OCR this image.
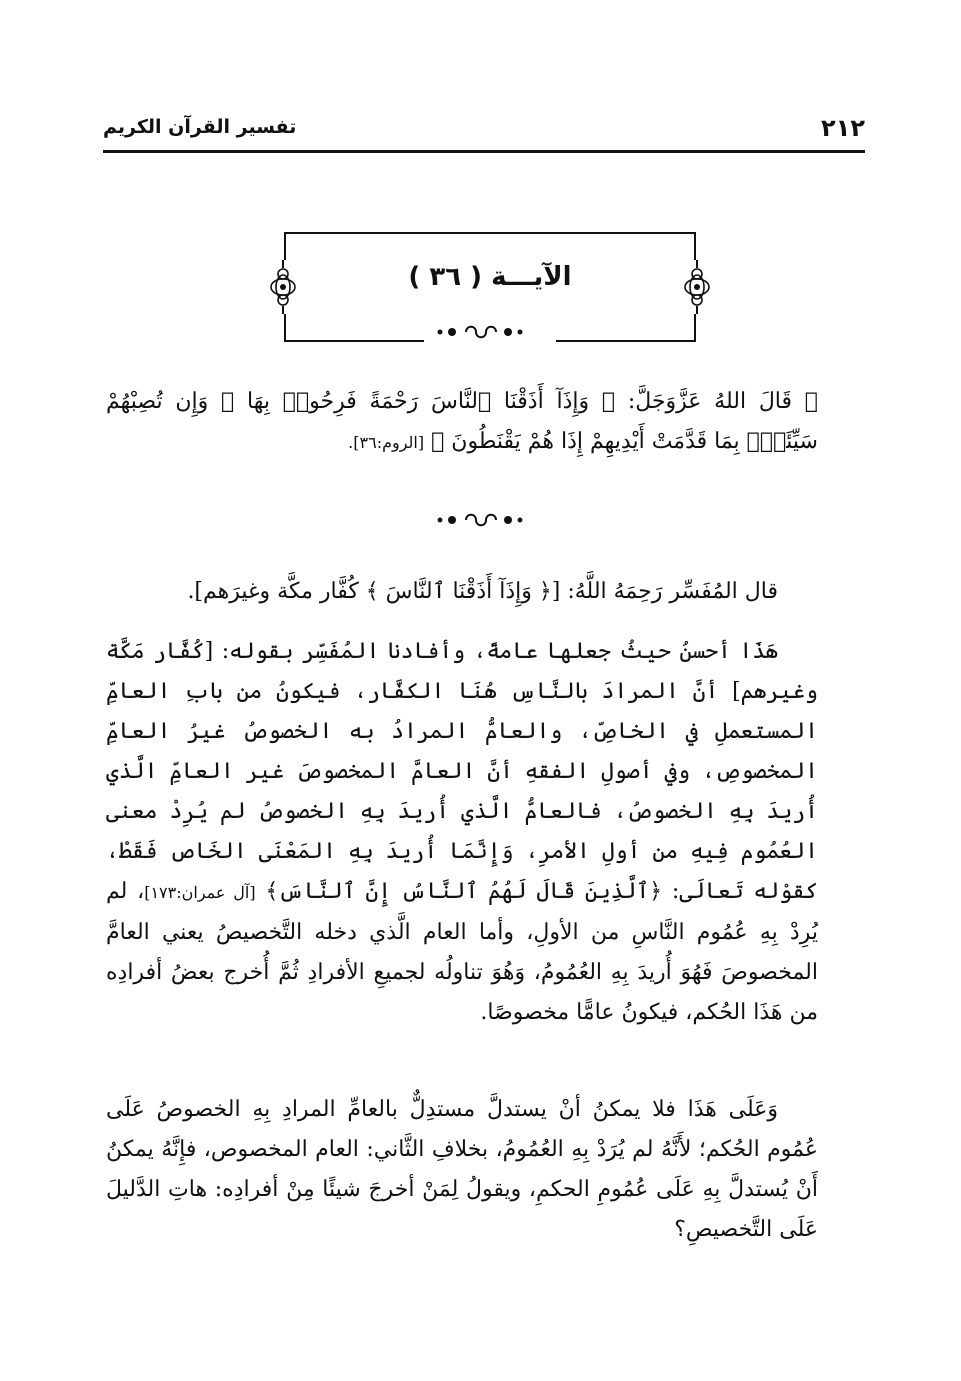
٢١٢
تفسير القرآن الكريم
الآيـــة ( ٣٦ )
۞ قَالَ اللهُ عَزَّوَجَلَّ: ﴿ وَإِذَآ أَذَقْنَا ٱلنَّاسَ رَحْمَةً فَرِحُوا۟ بِهَا ۖ وَإِن تُصِبْهُمْ سَيِّئَةٌۢ بِمَا قَدَّمَتْ أَيْدِيهِمْ إِذَا هُمْ يَقْنَطُونَ ﴾ [الروم:٣٦].
قال المُفَسِّر رَحِمَهُ اللَّهُ: [﴿ وَإِذَآ أَذَقْنَا ٱلنَّاسَ ﴾ كُفَّار مكَّة وغيرَهم].
هَذَا أحسنُ حيثُ جعلها عامةً، وأفادنا المُفَسِّر بقوله: [كُفَّار مَكَّة وغيرهم] أنَّ المرادَ بالنَّاسِ هُنَا الكفَّار، فيكونُ من بابِ العامِّ المستعملِ في الخاصِّ، والعامُّ المرادُ به الخصوصُ غيرُ العامِّ المخصوصِ، وفي أصولِ الفقهِ أنَّ العامَّ المخصوصَ غير العامِّ الَّذي أُريدَ بِهِ الخصوصُ، فالعامُّ الَّذي أُريدَ بِهِ الخصوصُ لم يُرِدْ معنى العُمُوم فِيهِ من أولِ الأمرِ، وَإِنَّمَا أُريدَ بِهِ المَعْنَى الخَاص فَقَطْ، كقوْله تَعالَى: ﴿ٱلَّذِينَ قَالَ لَهُمُ ٱلنَّاسُ إِنَّ ٱلنَّاسَ﴾ [آل عمران:١٧٣]، لم يُرِدْ بِهِ عُمُوم النَّاسِ من الأولِ، وأما العام الَّذي دخله التَّخصيصُ يعني العامَّ المخصوصَ فَهُوَ أُريدَ بِهِ العُمُومُ، وَهُوَ تناولُه لجميعِ الأفرادِ ثُمَّ أُخرج بعضُ أفرادِه من هَذَا الحُكم، فيكونُ عامًّا مخصوصًا.
وَعَلَى هَذَا فلا يمكنُ أنْ يستدلَّ مستدِلٌّ بالعامِّ المرادِ بِهِ الخصوصُ عَلَى عُمُوم الحُكم؛ لأَنَّهُ لم يُرَدْ بِهِ العُمُومُ، بخلافِ الثَّاني: العام المخصوص، فإِنَّهُ يمكنُ أَنْ يُستدلَّ بِهِ عَلَى عُمُومِ الحكمِ، ويقولُ لِمَنْ أخرجَ شيئًا مِنْ أفرادِه: هاتِ الدَّليلَ عَلَى التَّخصيصِ؟
